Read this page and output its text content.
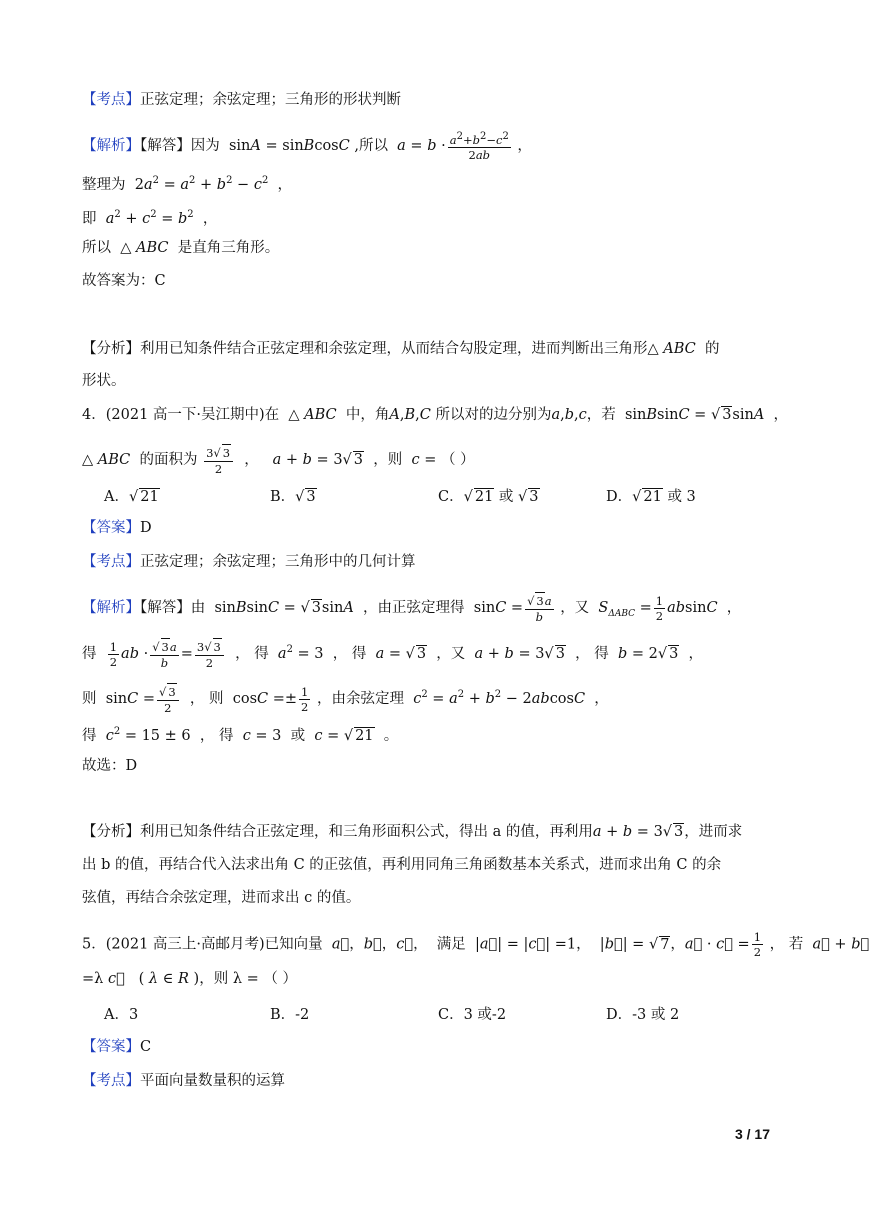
【考点】正弦定理；余弦定理；三角形的形状判断
【解析】【解答】因为 sinA = sinBcosC ,所以 $a = b \cdot \frac{a2+b2-c2}{2ab}$ ，
整理为  $2a^2 = a^2 + b^2 - c^2$  ，
即 $a^2 + c^2 = b^2$  ，
所以  △ ABC 是直角三角形。
故答案为：C
【分析】利用已知条件结合正弦定理和余弦定理，从而结合勾股定理，进而判断出三角形△ ABC 的
形状。
4．(2021 高一下·吴江期中)在  △ ABC 中，角A,B,C 所以对的边分别为a,b,c，若 sinBsinC = √ 3sinA  ，
△ ABC 的面积为 $\frac{3√ 3}{2}$ ，   a + b = 3√ 3 ，则 c = （ ）
A．√ 21	B．√ 3	C．√ 21 或 √ 3	D．√ 21 或 3
【答案】D
【考点】正弦定理；余弦定理；三角形中的几何计算
【解析】【解答】由 sinBsinC = √ 3sinA ，由正弦定理得 $\sin C = \frac{√ 3a}{b}$ ，又 $S_{\Delta ABC} = \frac{1}{2}$ absinC  ，
得 $\frac{1}{2}$ ab · $\frac{√ 3a}{b} = \frac{3√ 3}{2}$ ， 得 $a^2 = 3$  ， 得 a = √ 3 ，又 a + b = 3√ 3  ， 得 b = 2√ 3  ，
则 $\sin C = \frac{√ 3}{2}$ ， 则 $\cos C =\pm \frac{1}{2}$ ，由余弦定理 $c^2 = a^2 + b^2 - 2abcosC$  ，
得 $c^2 = 15 \pm 6$  ， 得 c = 3  或 c = √ 21  。
故选：D
【分析】利用已知条件结合正弦定理，和三角形面积公式，得出 a 的值，再利用a + b = 3√ 3，进而求
出 b 的值，再结合代入法求出角 C 的正弦值，再利用同角三角函数基本关系式，进而求出角 C 的余
弦值，再结合余弦定理，进而求出 c 的值。
5．(2021 高三上·高邮月考)已知向量 a⃗，b⃗，c⃗，  满足  |a⃗| = |c⃗| =1，  |b⃗| = √ 7，a⃗ · c⃗ = $\frac{1}{2}$ ， 若 a⃗ + b⃗
=λ c⃗   ( λ ∈ R )，则 λ = （ ）
A．3	B．-2	C．3 或-2	D．-3 或 2
【答案】C
【考点】平面向量数量积的运算
3 / 17
